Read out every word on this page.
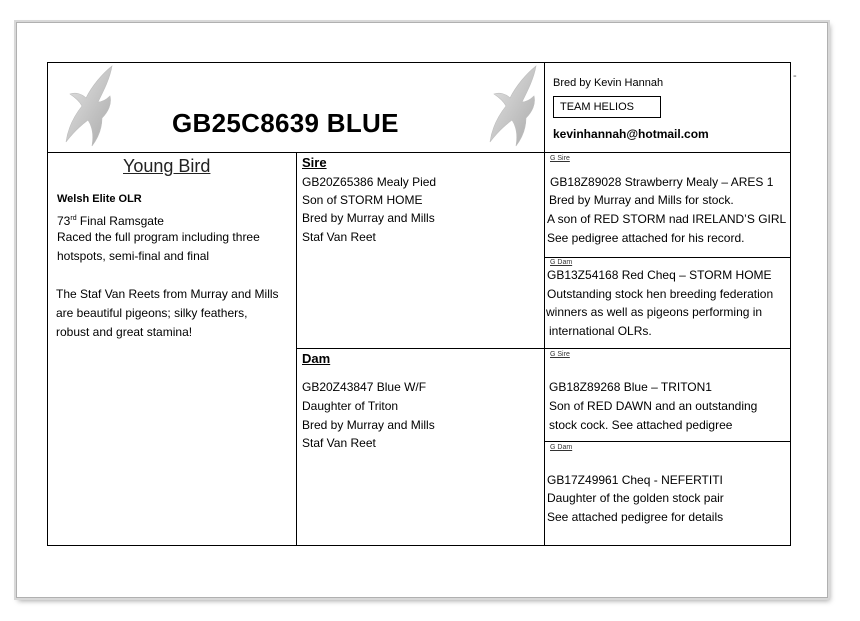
-
GB25C8639 BLUE
Bred by Kevin Hannah
TEAM HELIOS
kevinhannah@hotmail.com
Young Bird
Welsh Elite OLR
73rd Final Ramsgate
Raced the full program including three
hotspots, semi-final and final
The Staf Van Reets from Murray and Mills
are beautiful pigeons; silky feathers,
robust and great stamina!
Sire
GB20Z65386 Mealy Pied
Son of STORM HOME
Bred by Murray and Mills
Staf Van Reet
Dam
GB20Z43847 Blue W/F
Daughter of Triton
Bred by Murray and Mills
Staf Van Reet
G Sire
GB18Z89028 Strawberry Mealy – ARES 1
Bred by Murray and Mills for stock.
A son of RED STORM nad IRELAND’S GIRL
See pedigree attached for his record.
G Dam
GB13Z54168 Red Cheq – STORM HOME
Outstanding stock hen breeding federation
winners as well as pigeons performing in
international OLRs.
G Sire
GB18Z89268 Blue – TRITON1
Son of RED DAWN and an outstanding
stock cock. See attached pedigree
G Dam
GB17Z49961 Cheq - NEFERTITI
Daughter of the golden stock pair
See attached pedigree for details
